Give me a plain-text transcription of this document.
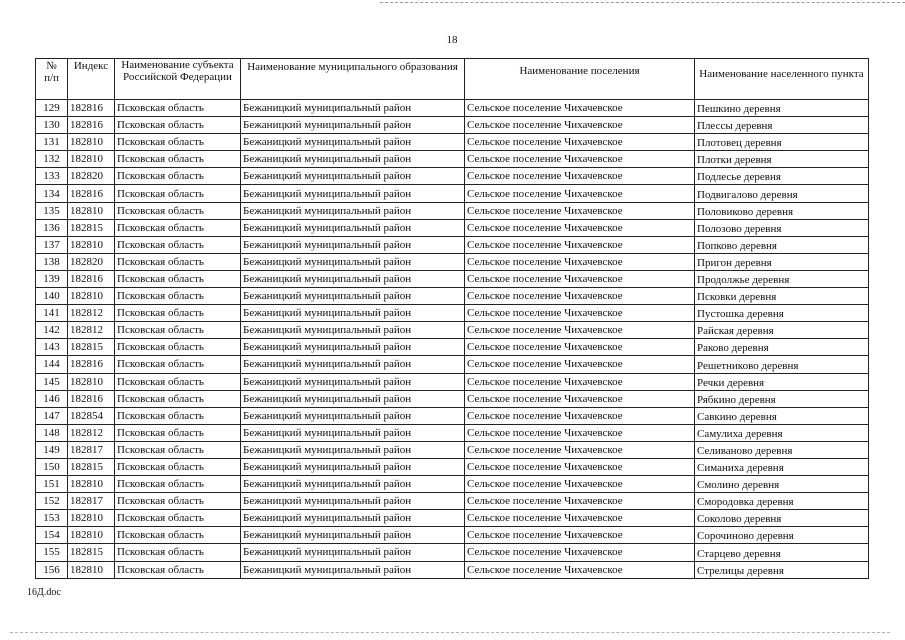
18
№
п/п	Индекс	Наименование субъекта Российской Федерации	Наименование муниципального образования	Наименование поселения	Наименование населенного пункта
129	182816	Псковская область	Бежаницкий муниципальный район	Сельское поселение Чихачевское	Пешкино деревня
130	182816	Псковская область	Бежаницкий муниципальный район	Сельское поселение Чихачевское	Плессы деревня
131	182810	Псковская область	Бежаницкий муниципальный район	Сельское поселение Чихачевское	Плотовец деревня
132	182810	Псковская область	Бежаницкий муниципальный район	Сельское поселение Чихачевское	Плотки деревня
133	182820	Псковская область	Бежаницкий муниципальный район	Сельское поселение Чихачевское	Подлесье деревня
134	182816	Псковская область	Бежаницкий муниципальный район	Сельское поселение Чихачевское	Подвигалово деревня
135	182810	Псковская область	Бежаницкий муниципальный район	Сельское поселение Чихачевское	Половиково деревня
136	182815	Псковская область	Бежаницкий муниципальный район	Сельское поселение Чихачевское	Полозово деревня
137	182810	Псковская область	Бежаницкий муниципальный район	Сельское поселение Чихачевское	Попково деревня
138	182820	Псковская область	Бежаницкий муниципальный район	Сельское поселение Чихачевское	Пригон деревня
139	182816	Псковская область	Бежаницкий муниципальный район	Сельское поселение Чихачевское	Продолжье деревня
140	182810	Псковская область	Бежаницкий муниципальный район	Сельское поселение Чихачевское	Псковки деревня
141	182812	Псковская область	Бежаницкий муниципальный район	Сельское поселение Чихачевское	Пустошка деревня
142	182812	Псковская область	Бежаницкий муниципальный район	Сельское поселение Чихачевское	Райская деревня
143	182815	Псковская область	Бежаницкий муниципальный район	Сельское поселение Чихачевское	Раково деревня
144	182816	Псковская область	Бежаницкий муниципальный район	Сельское поселение Чихачевское	Решетниково деревня
145	182810	Псковская область	Бежаницкий муниципальный район	Сельское поселение Чихачевское	Речки деревня
146	182816	Псковская область	Бежаницкий муниципальный район	Сельское поселение Чихачевское	Рябкино деревня
147	182854	Псковская область	Бежаницкий муниципальный район	Сельское поселение Чихачевское	Савкино деревня
148	182812	Псковская область	Бежаницкий муниципальный район	Сельское поселение Чихачевское	Самулиха деревня
149	182817	Псковская область	Бежаницкий муниципальный район	Сельское поселение Чихачевское	Селиваново деревня
150	182815	Псковская область	Бежаницкий муниципальный район	Сельское поселение Чихачевское	Симаниха деревня
151	182810	Псковская область	Бежаницкий муниципальный район	Сельское поселение Чихачевское	Смолино деревня
152	182817	Псковская область	Бежаницкий муниципальный район	Сельское поселение Чихачевское	Смородовка деревня
153	182810	Псковская область	Бежаницкий муниципальный район	Сельское поселение Чихачевское	Соколово деревня
154	182810	Псковская область	Бежаницкий муниципальный район	Сельское поселение Чихачевское	Сорочиново деревня
155	182815	Псковская область	Бежаницкий муниципальный район	Сельское поселение Чихачевское	Старцево деревня
156	182810	Псковская область	Бежаницкий муниципальный район	Сельское поселение Чихачевское	Стрелицы деревня
16Д.doc
